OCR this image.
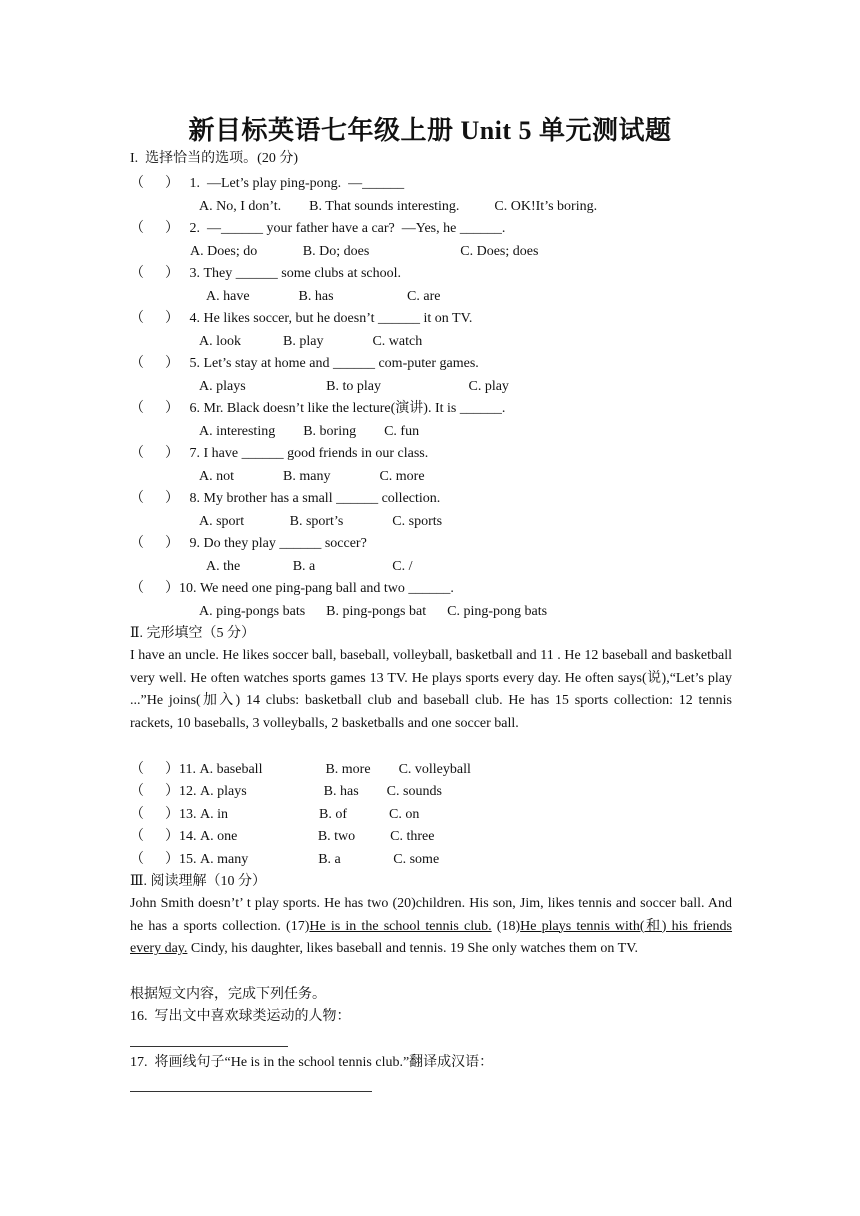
新目标英语七年级上册 Unit 5 单元测试题
I.  选择恰当的选项。(20 分)
（      ）   1.  —Let’s play ping-pong.  —______
A. No, I don’t.        B. That sounds interesting.          C. OK!It’s boring.
（      ）   2.  —______ your father have a car?  —Yes, he ______.
A. Does; do             B. Do; does                          C. Does; does
（      ）   3. They ______ some clubs at school.
A. have              B. has                     C. are
（      ）   4. He likes soccer, but he doesn’t ______ it on TV.
A. look            B. play              C. watch
（      ）   5. Let’s stay at home and ______ com-puter games.
A. plays                       B. to play                         C. play
（      ）   6. Mr. Black doesn’t like the lecture(演讲). It is ______.
A. interesting        B. boring        C. fun
（      ）   7. I have ______ good friends in our class.
A. not              B. many              C. more
（      ）   8. My brother has a small ______ collection.
A. sport             B. sport’s              C. sports
（      ）   9. Do they play ______ soccer?
A. the               B. a                      C. /
（      ）10. We need one ping-pang ball and two ______.
A. ping-pongs bats      B. ping-pongs bat      C. ping-pong bats
Ⅱ. 完形填空（5 分）
I have an uncle. He likes soccer ball, baseball, volleyball, basketball and 11 . He 12 baseball and basketball very well. He often watches sports games 13 TV. He plays sports every day. He often says(说),“Let’s play ...”He joins(加入) 14 clubs: basketball club and baseball club. He has 15 sports collection: 12 tennis rackets, 10 baseballs, 3 volleyballs, 2 basketballs and one soccer ball.
（      ）11. A. baseball                  B. more        C. volleyball
（      ）12. A. plays                      B. has        C. sounds
（      ）13. A. in                          B. of            C. on
（      ）14. A. one                       B. two          C. three
（      ）15. A. many                    B. a               C. some
Ⅲ. 阅读理解（10 分）
John Smith doesn’t’ t play sports. He has two (20)children. His son, Jim, likes tennis and soccer ball. And he has a sports collection. (17)He is in the school tennis club. (18)He plays tennis with(和) his friends every day. Cindy, his daughter, likes baseball and tennis. 19 She only watches them on TV.
根据短文内容，完成下列任务。
16.  写出文中喜欢球类运动的人物：
17.  将画线句子“He is in the school tennis club.”翻译成汉语：
